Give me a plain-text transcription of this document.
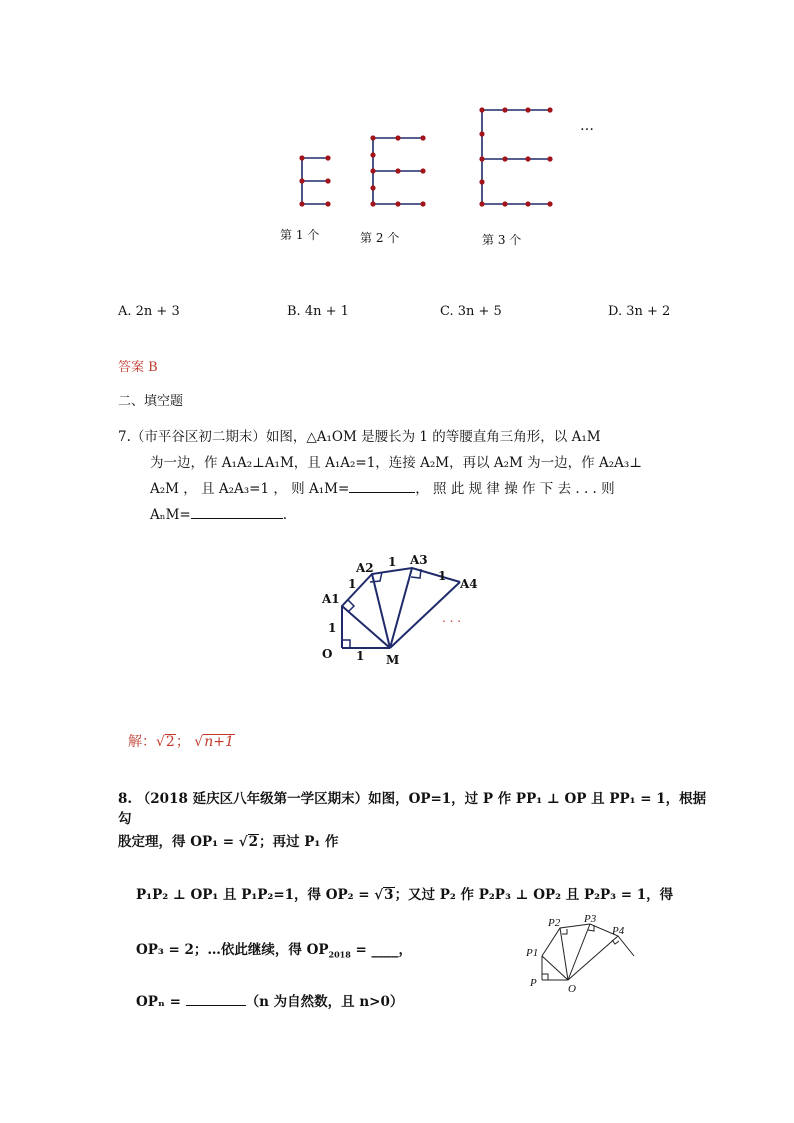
…
第 1 个	第 2 个	第 3 个
A. 2n + 3	B. 4n + 1	C. 3n + 5	D. 3n + 2
答案 B
二、填空题
7.（市平谷区初二期末）如图，△A₁OM 是腰长为 1 的等腰直角三角形，以 A₁M
为一边，作 A₁A₂⊥A₁M，且 A₁A₂=1，连接 A₂M，再以 A₂M 为一边，作 A₂A₃⊥
A₂M ， 且 A₂A₃=1 ， 则 A₁M=	， 照 此 规 律 操 作 下 去 . . . 则
AₙM=	.
A1
A2
A3
A4
O	M
1
1
1
1
1
. . .
解：√2； √n+1
8. （2018 延庆区八年级第一学区期末）如图，OP=1，过 P 作 PP₁ ⊥ OP 且 PP₁ = 1，根据勾
股定理，得 OP₁ = √2；再过 P₁ 作
P₁P₂ ⊥ OP₁ 且 P₁P₂=1，得 OP₂ = √3；又过 P₂ 作 P₂P₃ ⊥ OP₂ 且 P₂P₃ = 1，得
OP₃ = 2；…依此继续，得 $OP_{2018}$ = ____，
OPₙ =	（n 为自然数，且 n>0）
P
P1
P2 P3
P4
O
